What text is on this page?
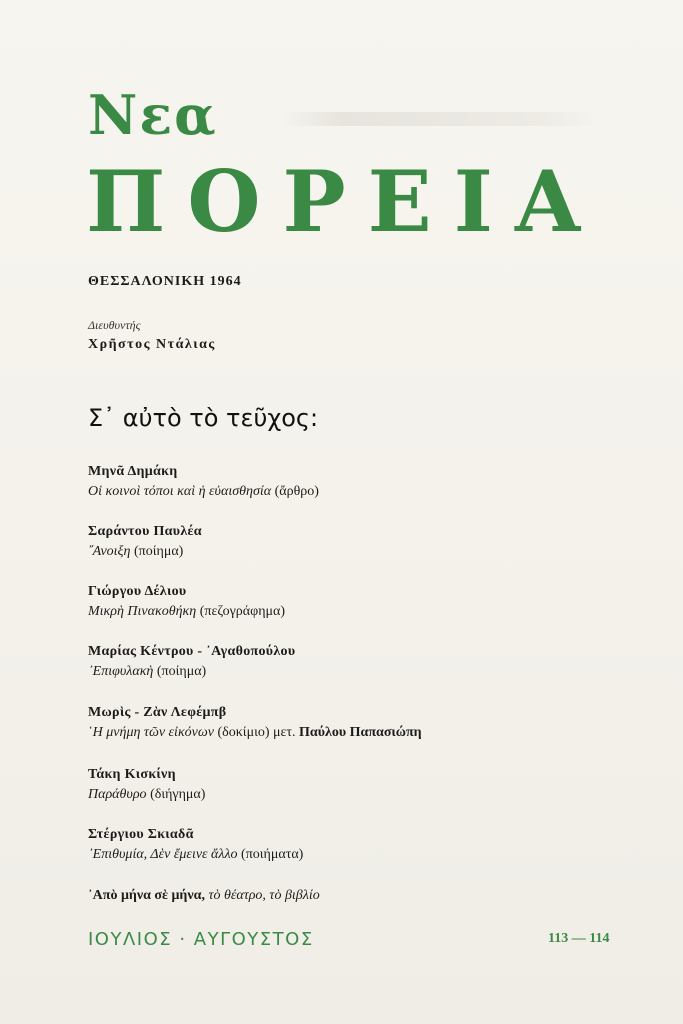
Νεα
ΠΟΡΕΙΑ
ΘΕΣΣΑΛΟΝΙΚΗ 1964
Διευθυντής
Χρῆστος Ντάλιας
Σ᾽ αὐτὸ τὸ τεῦχος:
Μηνᾶ Δημάκη
Οἱ κοινοὶ τόποι καὶ ἡ εὐαισθησία (ἄρθρο)
Σαράντου Παυλέα
῎Ανοιξη (ποίημα)
Γιώργου Δέλιου
Μικρὴ Πινακοθήκη (πεζογράφημα)
Μαρίας Κέντρου - ᾽Αγαθοπούλου
᾽Επιφυλακὴ (ποίημα)
Μωρὶς - Ζὰν Λεφέμπβ
῾Η μνήμη τῶν εἰκόνων (δοκίμιο) μετ. Παύλου Παπασιώπη
Τάκη Κισκίνη
Παράθυρο (διήγημα)
Στέργιου Σκιαδᾶ
᾽Επιθυμία, Δὲν ἔμεινε ἄλλο (ποιήματα)
᾽Απὸ μήνα σὲ μήνα, τὸ θέατρο, τὸ βιβλίο
ΙΟΥΛΙΟΣ · ΑΥΓΟΥΣΤΟΣ	113 — 114
